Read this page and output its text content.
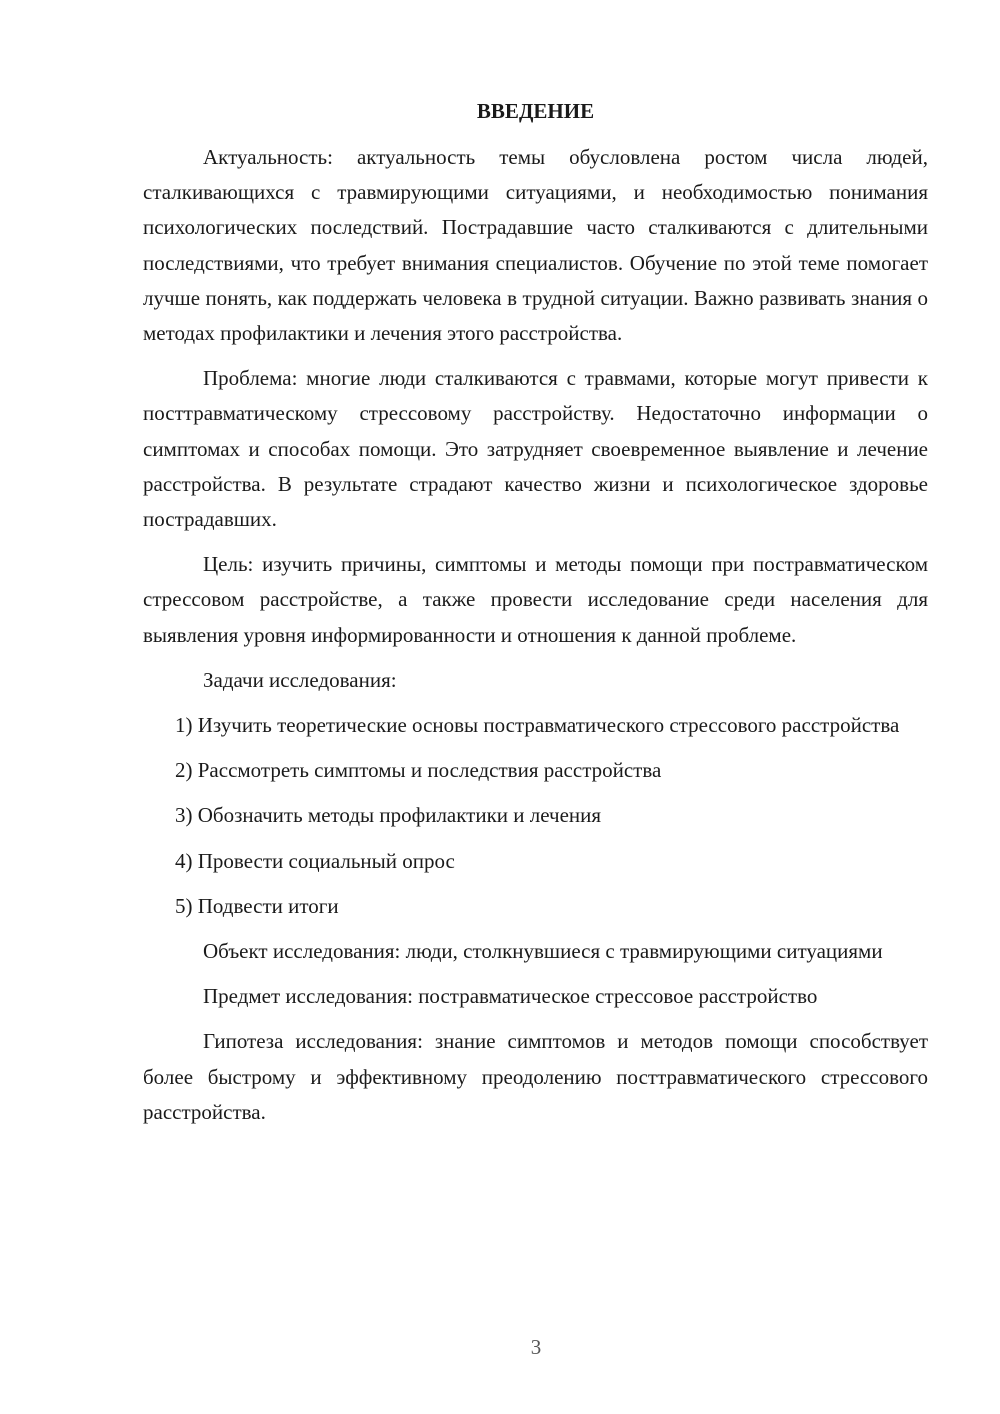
ВВЕДЕНИЕ

Актуальность: актуальность темы обусловлена ростом числа людей, сталкивающихся с травмирующими ситуациями, и необходимостью понимания психологических последствий. Пострадавшие часто сталкиваются с длительными последствиями, что требует внимания специалистов. Обучение по этой теме помогает лучше понять, как поддержать человека в трудной ситуации. Важно развивать знания о методах профилактики и лечения этого расстройства.

Проблема: многие люди сталкиваются с травмами, которые могут привести к посттравматическому стрессовому расстройству. Недостаточно информации о симптомах и способах помощи. Это затрудняет своевременное выявление и лечение расстройства. В результате страдают качество жизни и психологическое здоровье пострадавших.

Цель: изучить причины, симптомы и методы помощи при постравматическом стрессовом расстройстве, а также провести исследование среди населения для выявления уровня информированности и отношения к данной проблеме.

Задачи исследования:

1) Изучить теоретические основы постравматического стрессового расстройства

2) Рассмотреть симптомы и последствия расстройства

3) Обозначить методы профилактики и лечения

4) Провести социальный опрос

5) Подвести итоги

Объект исследования: люди, столкнувшиеся с травмирующими ситуациями

Предмет исследования: постравматическое стрессовое расстройство

Гипотеза исследования: знание симптомов и методов помощи способствует более быстрому и эффективному преодолению посттравматического стрессового расстройства.

3
